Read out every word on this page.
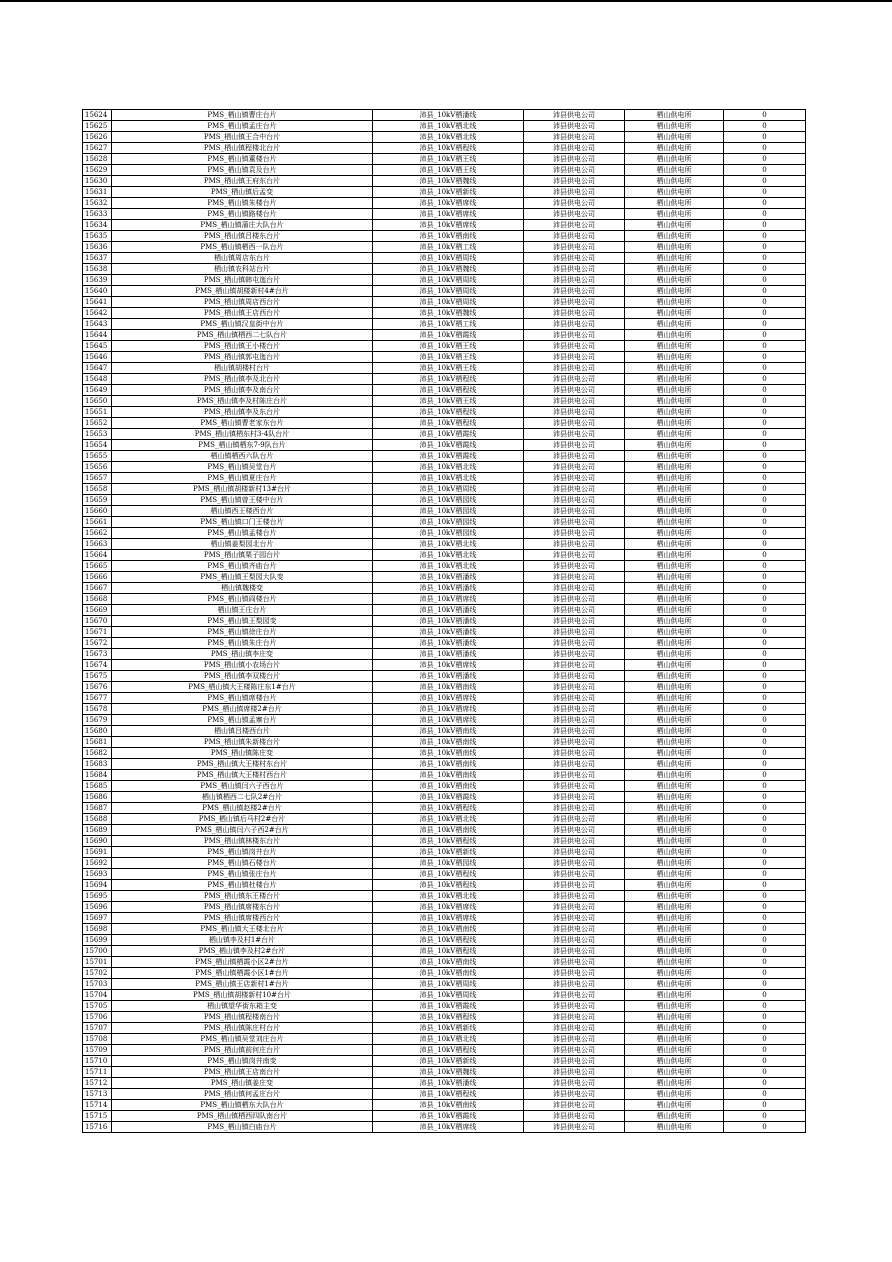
15624	PMS_栖山镇曹庄台片	沛县_10kV栖潘线	沛县供电公司	栖山供电所	0
15625	PMS_栖山镇孟庄台片	沛县_10kV栖北线	沛县供电公司	栖山供电所	0
15626	PMS_栖山镇王合中台片	沛县_10kV栖北线	沛县供电公司	栖山供电所	0
15627	PMS_栖山镇程楼北台片	沛县_10kV栖程线	沛县供电公司	栖山供电所	0
15628	PMS_栖山镇董楼台片	沛县_10kV栖王线	沛县供电公司	栖山供电所	0
15629	PMS_栖山镇袁及台片	沛县_10kV栖王线	沛县供电公司	栖山供电所	0
15630	PMS_栖山镇王府东台片	沛县_10kV栖魏线	沛县供电公司	栖山供电所	0
15631	PMS_栖山镇后孟变	沛县_10kV栖新线	沛县供电公司	栖山供电所	0
15632	PMS_栖山镇朱楼台片	沛县_10kV栖席线	沛县供电公司	栖山供电所	0
15633	PMS_栖山镇路楼台片	沛县_10kV栖席线	沛县供电公司	栖山供电所	0
15634	PMS_栖山镇蒲庄大队台片	沛县_10kV栖席线	沛县供电公司	栖山供电所	0
15635	PMS_栖山镇吕楼东台片	沛县_10kV栖南线	沛县供电公司	栖山供电所	0
15636	PMS_栖山镇栖西一队台片	沛县_10kV栖工线	沛县供电公司	栖山供电所	0
15637	栖山镇周店东台片	沛县_10kV栖周线	沛县供电公司	栖山供电所	0
15638	栖山镇农科站台片	沛县_10kV栖魏线	沛县供电公司	栖山供电所	0
15639	PMS_栖山镇韩屯迤台片	沛县_10kV栖周线	沛县供电公司	栖山供电所	0
15640	PMS_栖山镇胡楼新村4#台片	沛县_10kV栖周线	沛县供电公司	栖山供电所	0
15641	PMS_栖山镇周店西台片	沛县_10kV栖周线	沛县供电公司	栖山供电所	0
15642	PMS_栖山镇王店西台片	沛县_10kV栖魏线	沛县供电公司	栖山供电所	0
15643	PMS_栖山镇汉皇街中台片	沛县_10kV栖工线	沛县供电公司	栖山供电所	0
15644	PMS_栖山镇栖西二七队台片	沛县_10kV栖霞线	沛县供电公司	栖山供电所	0
15645	PMS_栖山镇王小楼台片	沛县_10kV栖王线	沛县供电公司	栖山供电所	0
15646	PMS_栖山镇郭屯迤台片	沛县_10kV栖王线	沛县供电公司	栖山供电所	0
15647	栖山镇胡楼村台片	沛县_10kV栖王线	沛县供电公司	栖山供电所	0
15648	PMS_栖山镇李及北台片	沛县_10kV栖程线	沛县供电公司	栖山供电所	0
15649	PMS_栖山镇李及南台片	沛县_10kV栖程线	沛县供电公司	栖山供电所	0
15650	PMS_栖山镇李及村陈庄台片	沛县_10kV栖王线	沛县供电公司	栖山供电所	0
15651	PMS_栖山镇李及东台片	沛县_10kV栖程线	沛县供电公司	栖山供电所	0
15652	PMS_栖山镇曹老家东台片	沛县_10kV栖程线	沛县供电公司	栖山供电所	0
15653	PMS_栖山镇栖东村3-4队台片	沛县_10kV栖霞线	沛县供电公司	栖山供电所	0
15654	PMS_栖山镇栖东7-9队台片	沛县_10kV栖霞线	沛县供电公司	栖山供电所	0
15655	栖山镇栖西六队台片	沛县_10kV栖霞线	沛县供电公司	栖山供电所	0
15656	PMS_栖山镇吴堂台片	沛县_10kV栖北线	沛县供电公司	栖山供电所	0
15657	PMS_栖山镇夏庄台片	沛县_10kV栖北线	沛县供电公司	栖山供电所	0
15658	PMS_栖山镇胡楼新村13#台片	沛县_10kV栖周线	沛县供电公司	栖山供电所	0
15659	PMS_栖山镇曾王楼中台片	沛县_10kV栖园线	沛县供电公司	栖山供电所	0
15660	栖山镇西王楼西台片	沛县_10kV栖园线	沛县供电公司	栖山供电所	0
15661	PMS_栖山镇口门王楼台片	沛县_10kV栖园线	沛县供电公司	栖山供电所	0
15662	PMS_栖山镇孟楼台片	沛县_10kV栖园线	沛县供电公司	栖山供电所	0
15663	栖山镇姜梨园北台片	沛县_10kV栖北线	沛县供电公司	栖山供电所	0
15664	PMS_栖山镇栗子园台片	沛县_10kV栖北线	沛县供电公司	栖山供电所	0
15665	PMS_栖山镇齐庙台片	沛县_10kV栖北线	沛县供电公司	栖山供电所	0
15666	PMS_栖山镇王梨园大队变	沛县_10kV栖潘线	沛县供电公司	栖山供电所	0
15667	栖山镇魏楼变	沛县_10kV栖潘线	沛县供电公司	栖山供电所	0
15668	PMS_栖山镇阎楼台片	沛县_10kV栖席线	沛县供电公司	栖山供电所	0
15669	栖山镇王庄台片	沛县_10kV栖潘线	沛县供电公司	栖山供电所	0
15670	PMS_栖山镇王梨园变	沛县_10kV栖潘线	沛县供电公司	栖山供电所	0
15671	PMS_栖山镇徐庄台片	沛县_10kV栖潘线	沛县供电公司	栖山供电所	0
15672	PMS_栖山镇朱庄台片	沛县_10kV栖潘线	沛县供电公司	栖山供电所	0
15673	PMS_栖山镇李庄变	沛县_10kV栖潘线	沛县供电公司	栖山供电所	0
15674	PMS_栖山镇小农场台片	沛县_10kV栖席线	沛县供电公司	栖山供电所	0
15675	PMS_栖山镇李双楼台片	沛县_10kV栖潘线	沛县供电公司	栖山供电所	0
15676	PMS_栖山镇大王楼陈庄东1#台片	沛县_10kV栖南线	沛县供电公司	栖山供电所	0
15677	PMS_栖山镇席楼台片	沛县_10kV栖席线	沛县供电公司	栖山供电所	0
15678	PMS_栖山镇席楼2#台片	沛县_10kV栖席线	沛县供电公司	栖山供电所	0
15679	PMS_栖山镇孟寨台片	沛县_10kV栖席线	沛县供电公司	栖山供电所	0
15680	栖山镇吕楼西台片	沛县_10kV栖南线	沛县供电公司	栖山供电所	0
15681	PMS_栖山镇朱新楼台片	沛县_10kV栖南线	沛县供电公司	栖山供电所	0
15682	PMS_栖山镇陈庄变	沛县_10kV栖南线	沛县供电公司	栖山供电所	0
15683	PMS_栖山镇大王楼村东台片	沛县_10kV栖南线	沛县供电公司	栖山供电所	0
15684	PMS_栖山镇大王楼村西台片	沛县_10kV栖南线	沛县供电公司	栖山供电所	0
15685	PMS_栖山镇闫六子西台片	沛县_10kV栖南线	沛县供电公司	栖山供电所	0
15686	栖山镇栖西二七队2#台片	沛县_10kV栖霞线	沛县供电公司	栖山供电所	0
15687	PMS_栖山镇赵楼2#台片	沛县_10kV栖程线	沛县供电公司	栖山供电所	0
15688	PMS_栖山镇后马村2#台片	沛县_10kV栖北线	沛县供电公司	栖山供电所	0
15689	PMS_栖山镇闫六子西2#台片	沛县_10kV栖南线	沛县供电公司	栖山供电所	0
15690	PMS_栖山镇林楼东台片	沛县_10kV栖程线	沛县供电公司	栖山供电所	0
15691	PMS_栖山镇岗井台片	沛县_10kV栖新线	沛县供电公司	栖山供电所	0
15692	PMS_栖山镇石楼台片	沛县_10kV栖园线	沛县供电公司	栖山供电所	0
15693	PMS_栖山镇张庄台片	沛县_10kV栖程线	沛县供电公司	栖山供电所	0
15694	PMS_栖山镇杜楼台片	沛县_10kV栖程线	沛县供电公司	栖山供电所	0
15695	PMS_栖山镇东王楼台片	沛县_10kV栖北线	沛县供电公司	栖山供电所	0
15696	PMS_栖山镇席楼东台片	沛县_10kV栖席线	沛县供电公司	栖山供电所	0
15697	PMS_栖山镇席楼西台片	沛县_10kV栖席线	沛县供电公司	栖山供电所	0
15698	PMS_栖山镇大王楼北台片	沛县_10kV栖南线	沛县供电公司	栖山供电所	0
15699	栖山镇李及村1#台片	沛县_10kV栖程线	沛县供电公司	栖山供电所	0
15700	PMS_栖山镇李及村2#台片	沛县_10kV栖程线	沛县供电公司	栖山供电所	0
15701	PMS_栖山镇栖霞小区2#台片	沛县_10kV栖南线	沛县供电公司	栖山供电所	0
15702	PMS_栖山镇栖霞小区1#台片	沛县_10kV栖南线	沛县供电公司	栖山供电所	0
15703	PMS_栖山镇王店新村1#台片	沛县_10kV栖周线	沛县供电公司	栖山供电所	0
15704	PMS_栖山镇胡楼新村10#台片	沛县_10kV栖周线	沛县供电公司	栖山供电所	0
15705	栖山镇望华街东箱主变	沛县_10kV栖霞线	沛县供电公司	栖山供电所	0
15706	PMS_栖山镇程楼南台片	沛县_10kV栖程线	沛县供电公司	栖山供电所	0
15707	PMS_栖山镇陈庄村台片	沛县_10kV栖新线	沛县供电公司	栖山供电所	0
15708	PMS_栖山镇吴堂刘庄台片	沛县_10kV栖北线	沛县供电公司	栖山供电所	0
15709	PMS_栖山镇前何庄台片	沛县_10kV栖程线	沛县供电公司	栖山供电所	0
15710	PMS_栖山镇岗井南变	沛县_10kV栖新线	沛县供电公司	栖山供电所	0
15711	PMS_栖山镇王店南台片	沛县_10kV栖魏线	沛县供电公司	栖山供电所	0
15712	PMS_栖山镇姜庄变	沛县_10kV栖潘线	沛县供电公司	栖山供电所	0
15713	PMS_栖山镇何孟庄台片	沛县_10kV栖程线	沛县供电公司	栖山供电所	0
15714	PMS_栖山镇栖东大队台片	沛县_10kV栖南线	沛县供电公司	栖山供电所	0
15715	PMS_栖山镇栖西四队南台片	沛县_10kV栖霞线	沛县供电公司	栖山供电所	0
15716	PMS_栖山镇白庙台片	沛县_10kV栖席线	沛县供电公司	栖山供电所	0
